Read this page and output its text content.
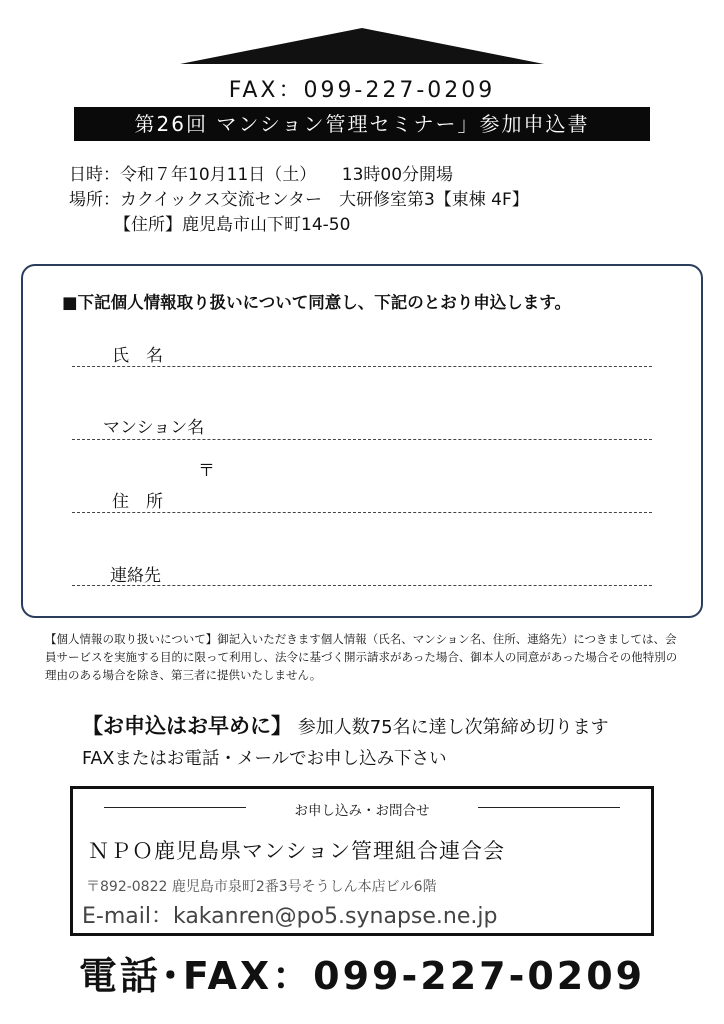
FAX：099-227-0209
第26回 マンション管理セミナー」参加申込書
日時：令和７年10月11日（土）　　13時00分開場
場所：カクイックス交流センター　大研修室第3【東棟 4F】
【住所】鹿児島市山下町14-50
■下記個人情報取り扱いについて同意し、下記のとおり申込します。
氏　名
マンション名
〒
住　所
連絡先
【個人情報の取り扱いについて】御記入いただきます個人情報（氏名、マンション名、住所、連絡先）につきましては、会員サービスを実施する目的に限って利用し、法令に基づく開示請求があった場合、御本人の同意があった場合その他特別の理由のある場合を除き、第三者に提供いたしません。
【お申込はお早めに】 参加人数75名に達し次第締め切ります
FAXまたはお電話・メールでお申し込み下さい
お申し込み・お問合せ
ＮＰＯ鹿児島県マンション管理組合連合会
〒892-0822 鹿児島市泉町2番3号そうしん本店ビル6階
E-mail：kakanren@po5.synapse.ne.jp
電話･FAX：099-227-0209
